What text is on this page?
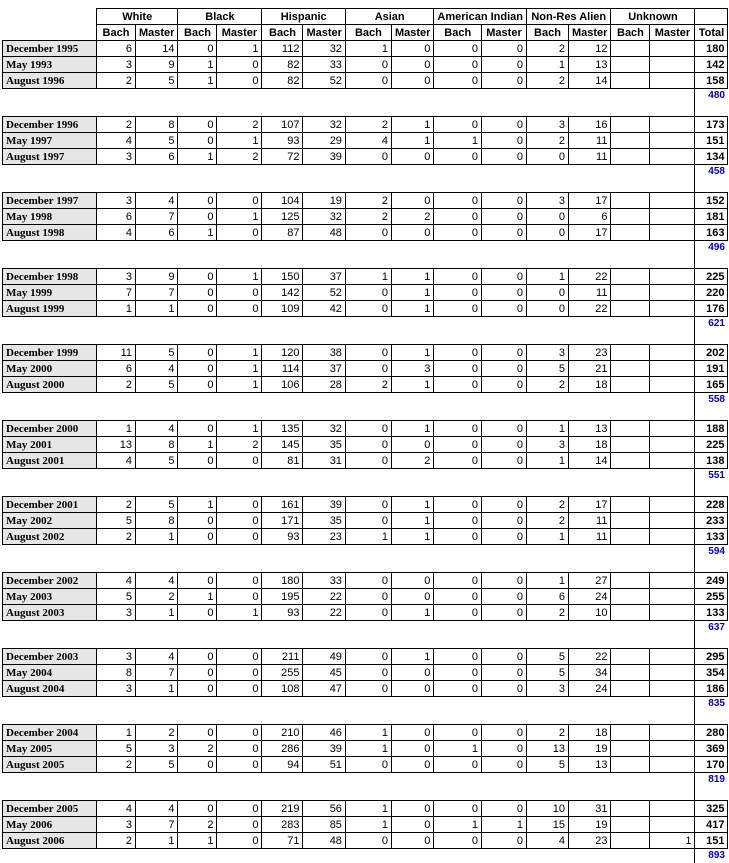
	White		Black		Hispanic		Asian		American Indian		Non-Res Alien		Unknown		
	Bach	Master	Bach	Master	Bach	Master	Bach	Master	Bach	Master	Bach	Master	Bach	Master	Total
December 1995	6	14	0	1	112	32	1	0	0	0	2	12			180
May 1993	3	9	1	0	82	33	0	0	0	0	1	13			142
August 1996	2	5	1	0	82	52	0	0	0	0	2	14			158
															480

December 1996	2	8	0	2	107	32	2	1	0	0	3	16			173
May 1997	4	5	0	1	93	29	4	1	1	0	2	11			151
August 1997	3	6	1	2	72	39	0	0	0	0	0	11			134
															458

December 1997	3	4	0	0	104	19	2	0	0	0	3	17			152
May 1998	6	7	0	1	125	32	2	2	0	0	0	6			181
August 1998	4	6	1	0	87	48	0	0	0	0	0	17			163
															496

December 1998	3	9	0	1	150	37	1	1	0	0	1	22			225
May 1999	7	7	0	0	142	52	0	1	0	0	0	11			220
August 1999	1	1	0	0	109	42	0	1	0	0	0	22			176
															621

December 1999	11	5	0	1	120	38	0	1	0	0	3	23			202
May 2000	6	4	0	1	114	37	0	3	0	0	5	21			191
August 2000	2	5	0	1	106	28	2	1	0	0	2	18			165
															558

December 2000	1	4	0	1	135	32	0	1	0	0	1	13			188
May 2001	13	8	1	2	145	35	0	0	0	0	3	18			225
August 2001	4	5	0	0	81	31	0	2	0	0	1	14			138
															551

December 2001	2	5	1	0	161	39	0	1	0	0	2	17			228
May 2002	5	8	0	0	171	35	0	1	0	0	2	11			233
August 2002	2	1	0	0	93	23	1	1	0	0	1	11			133
															594

December 2002	4	4	0	0	180	33	0	0	0	0	1	27			249
May 2003	5	2	1	0	195	22	0	0	0	0	6	24			255
August 2003	3	1	0	1	93	22	0	1	0	0	2	10			133
															637

December 2003	3	4	0	0	211	49	0	1	0	0	5	22			295
May 2004	8	7	0	0	255	45	0	0	0	0	5	34			354
August 2004	3	1	0	0	108	47	0	0	0	0	3	24			186
															835

December 2004	1	2	0	0	210	46	1	0	0	0	2	18			280
May 2005	5	3	2	0	286	39	1	0	1	0	13	19			369
August 2005	2	5	0	0	94	51	0	0	0	0	5	13			170
															819

December 2005	4	4	0	0	219	56	1	0	0	0	10	31			325
May 2006	3	7	2	0	283	85	1	0	1	1	15	19			417
August 2006	2	1	1	0	71	48	0	0	0	0	4	23		1	151
															893
